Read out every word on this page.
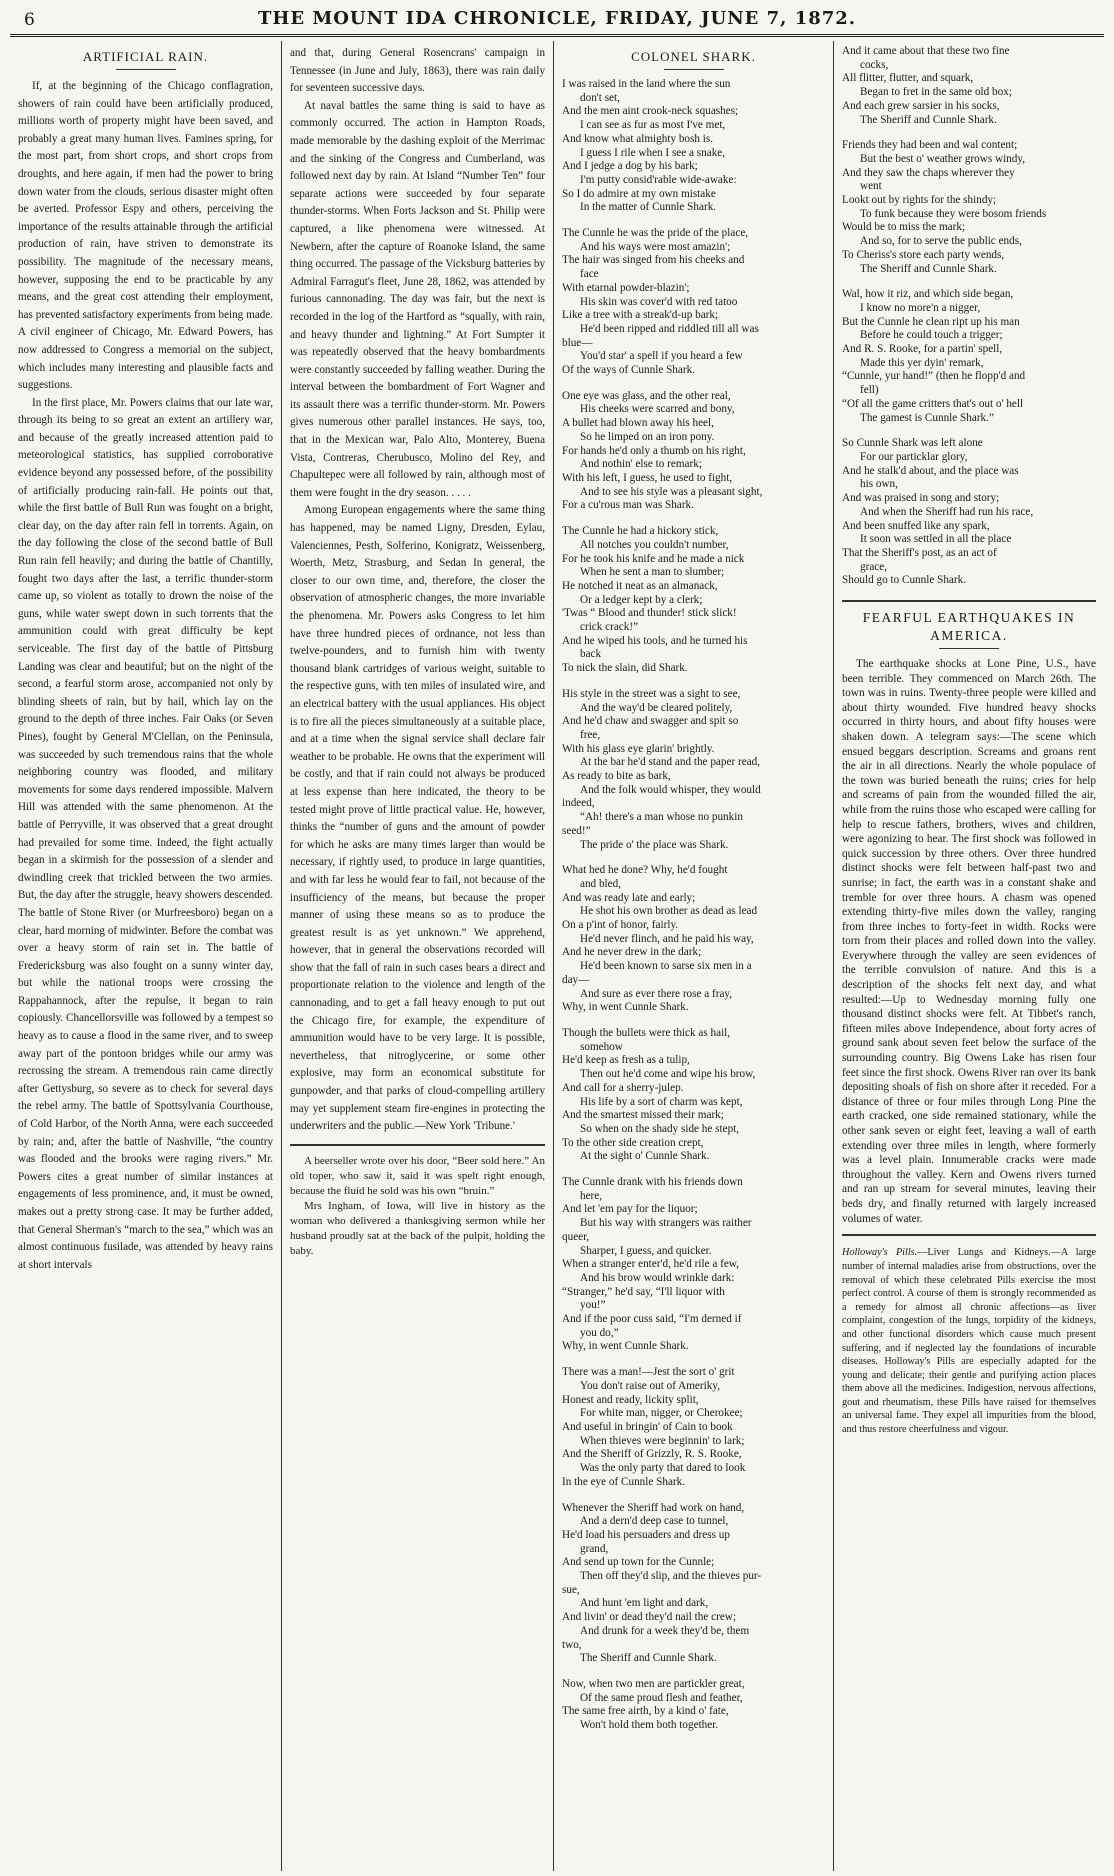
6	THE MOUNT IDA CHRONICLE, FRIDAY, JUNE 7, 1872.
ARTIFICIAL RAIN.

If, at the beginning of the Chicago conflagration, showers of rain could have been artificially produced, millions worth of property might have been saved, and probably a great many human lives. Famines spring, for the most part, from short crops, and short crops from droughts, and here again, if men had the power to bring down water from the clouds, serious disaster might often be averted. Professor Espy and others, perceiving the importance of the results attainable through the artificial production of rain, have striven to demonstrate its possibility. The magnitude of the necessary means, however, supposing the end to be practicable by any means, and the great cost attending their employment, has prevented satisfactory experiments from being made. A civil engineer of Chicago, Mr. Edward Powers, has now addressed to Congress a memorial on the subject, which includes many interesting and plausible facts and suggestions.

In the first place, Mr. Powers claims that our late war, through its being to so great an extent an artillery war, and because of the greatly increased attention paid to meteorological statistics, has supplied corroborative evidence beyond any possessed before, of the possibility of artificially producing rain-fall. He points out that, while the first battle of Bull Run was fought on a bright, clear day, on the day after rain fell in torrents. Again, on the day following the close of the second battle of Bull Run rain fell heavily; and during the battle of Chantilly, fought two days after the last, a terrific thunder-storm came up, so violent as totally to drown the noise of the guns, while water swept down in such torrents that the ammunition could with great difficulty be kept serviceable. The first day of the battle of Pittsburg Landing was clear and beautiful; but on the night of the second, a fearful storm arose, accompanied not only by blinding sheets of rain, but by hail, which lay on the ground to the depth of three inches. Fair Oaks (or Seven Pines), fought by General M'Clellan, on the Peninsula, was succeeded by such tremendous rains that the whole neighboring country was flooded, and military movements for some days rendered impossible. Malvern Hill was attended with the same phenomenon. At the battle of Perryville, it was observed that a great drought had prevailed for some time. Indeed, the fight actually began in a skirmish for the possession of a slender and dwindling creek that trickled between the two armies. But, the day after the struggle, heavy showers descended. The battle of Stone River (or Murfreesboro) began on a clear, hard morning of midwinter. Before the combat was over a heavy storm of rain set in. The battle of Fredericksburg was also fought on a sunny winter day, but while the national troops were crossing the Rappahannock, after the repulse, it began to rain copiously. Chancellorsville was followed by a tempest so heavy as to cause a flood in the same river, and to sweep away part of the pontoon bridges while our army was recrossing the stream. A tremendous rain came directly after Gettysburg, so severe as to check for several days the rebel army. The battle of Spottsylvania Courthouse, of Cold Harbor, of the North Anna, were each succeeded by rain; and, after the battle of Nashville, “the country was flooded and the brooks were raging rivers.” Mr. Powers cites a great number of similar instances at engagements of less prominence, and, it must be owned, makes out a pretty strong case. It may be further added, that General Sherman's “march to the sea,” which was an almost continuous fusilade, was attended by heavy rains at short intervals

and that, during General Rosencrans' campaign in Tennessee (in June and July, 1863), there was rain daily for seventeen successive days.

At naval battles the same thing is said to have as commonly occurred. The action in Hampton Roads, made memorable by the dashing exploit of the Merrimac and the sinking of the Congress and Cumberland, was followed next day by rain. At Island “Number Ten” four separate actions were succeeded by four separate thunder-storms. When Forts Jackson and St. Philip were captured, a like phenomena were witnessed. At Newbern, after the capture of Roanoke Island, the same thing occurred. The passage of the Vicksburg batteries by Admiral Farragut's fleet, June 28, 1862, was attended by furious cannonading. The day was fair, but the next is recorded in the log of the Hartford as “squally, with rain, and heavy thunder and lightning.” At Fort Sumpter it was repeatedly observed that the heavy bombardments were constantly succeeded by falling weather. During the interval between the bombardment of Fort Wagner and its assault there was a terrific thunder-storm. Mr. Powers gives numerous other parallel instances. He says, too, that in the Mexican war, Palo Alto, Monterey, Buena Vista, Contreras, Cherubusco, Molino del Rey, and Chapultepec were all followed by rain, although most of them were fought in the dry season. . . . .

Among European engagements where the same thing has happened, may be named Ligny, Dresden, Eylau, Valenciennes, Pesth, Solferino, Konigratz, Weissenberg, Woerth, Metz, Strasburg, and Sedan In general, the closer to our own time, and, therefore, the closer the observation of atmospheric changes, the more invariable the phenomena. Mr. Powers asks Congress to let him have three hundred pieces of ordnance, not less than twelve-pounders, and to furnish him with twenty thousand blank cartridges of various weight, suitable to the respective guns, with ten miles of insulated wire, and an electrical battery with the usual appliances. His object is to fire all the pieces simultaneously at a suitable place, and at a time when the signal service shall declare fair weather to be probable. He owns that the experiment will be costly, and that if rain could not always be produced at less expense than here indicated, the theory to be tested might prove of little practical value. He, however, thinks the “number of guns and the amount of powder for which he asks are many times larger than would be necessary, if rightly used, to produce in large quantities, and with far less he would fear to fail, not because of the insufficiency of the means, but because the proper manner of using these means so as to produce the greatest result is as yet unknown.” We apprehend, however, that in general the observations recorded will show that the fall of rain in such cases bears a direct and proportionate relation to the violence and length of the cannonading, and to get a fall heavy enough to put out the Chicago fire, for example, the expenditure of ammunition would have to be very large. It is possible, nevertheless, that nitroglycerine, or some other explosive, may form an economical substitute for gunpowder, and that parks of cloud-compelling artillery may yet supplement steam fire-engines in protecting the underwriters and the public.—New York 'Tribune.'

A beerseller wrote over his door, “Beer sold here.” An old toper, who saw it, said it was spelt right enough, because the fluid he sold was his own “bruin.”

Mrs Ingham, of Iowa, will live in history as the woman who delivered a thanksgiving sermon while her husband proudly sat at the back of the pulpit, holding the baby.

COLONEL SHARK.
I was raised in the land where the sun
don't set,
And the men aint crook-neck squashes;
I can see as fur as most I've met,
And know what almighty bosh is.
I guess I rile when I see a snake,
And I jedge a dog by his bark;
I'm putty consid'rable wide-awake:
So I do admire at my own mistake
In the matter of Cunnle Shark.
The Cunnle he was the pride of the place,
And his ways were most amazin';
The hair was singed from his cheeks and
face
With etarnal powder-blazin';
His skin was cover'd with red tatoo
Like a tree with a streak'd-up bark;
He'd been ripped and riddled till all was
blue—
You'd star' a spell if you heard a few
Of the ways of Cunnle Shark.
One eye was glass, and the other real,
His cheeks were scarred and bony,
A bullet had blown away his heel,
So he limped on an iron pony.
For hands he'd only a thumb on his right,
And nothin' else to remark;
With his left, I guess, he used to fight,
And to see his style was a pleasant sight,
For a cu'rous man was Shark.
The Cunnle he had a hickory stick,
All notches you couldn't number,
For he took his knife and he made a nick
When he sent a man to slumber;
He notched it neat as an almanack,
Or a ledger kept by a clerk;
'Twas “ Blood and thunder! stick slick!
crick crack!”
And he wiped his tools, and he turned his
back
To nick the slain, did Shark.
His style in the street was a sight to see,
And the way'd be cleared politely,
And he'd chaw and swagger and spit so
free,
With his glass eye glarin' brightly.
At the bar he'd stand and the paper read,
As ready to bite as bark,
And the folk would whisper, they would
indeed,
“Ah! there's a man whose no punkin
seed!”
The pride o' the place was Shark.
What hed he done? Why, he'd fought
and bled,
And was ready late and early;
He shot his own brother as dead as lead
On a p'int of honor, fairly.
He'd never flinch, and he paid his way,
And he never drew in the dark;
He'd been known to sarse six men in a
day—
And sure as ever there rose a fray,
Why, in went Cunnle Shark.
Though the bullets were thick as hail,
somehow
He'd keep as fresh as a tulip,
Then out he'd come and wipe his brow,
And call for a sherry-julep.
His life by a sort of charm was kept,
And the smartest missed their mark;
So when on the shady side he stept,
To the other side creation crept,
At the sight o' Cunnle Shark.
The Cunnle drank with his friends down
here,
And let 'em pay for the liquor;
But his way with strangers was raither
queer,
Sharper, I guess, and quicker.
When a stranger enter'd, he'd rile a few,
And his brow would wrinkle dark:
“Stranger,” he'd say, “I'll liquor with
you!”
And if the poor cuss said, “I'm derned if
you do,”
Why, in went Cunnle Shark.
There was a man!—Jest the sort o' grit
You don't raise out of Ameriky,
Honest and ready, lickity split,
For white man, nigger, or Cherokee;
And useful in bringin' of Cain to book
When thieves were beginnin' to lark;
And the Sheriff of Grizzly, R. S. Rooke,
Was the only party that dared to look
In the eye of Cunnle Shark.
Whenever the Sheriff had work on hand,
And a dern'd deep case to tunnel,
He'd load his persuaders and dress up
grand,
And send up town for the Cunnle;
Then off they'd slip, and the thieves pur-
sue,
And hunt 'em light and dark,
And livin' or dead they'd nail the crew;
And drunk for a week they'd be, them
two,
The Sheriff and Cunnle Shark.
Now, when two men are partickler great,
Of the same proud flesh and feather,
The same free airth, by a kind o' fate,
Won't hold them both together.
And it came about that these two fine
cocks,
All flitter, flutter, and squark,
Began to fret in the same old box;
And each grew sarsier in his socks,
The Sheriff and Cunnle Shark.
Friends they had been and wal content;
But the best o' weather grows windy,
And they saw the chaps wherever they
went
Lookt out by rights for the shindy;
To funk because they were bosom friends
Would be to miss the mark;
And so, for to serve the public ends,
To Cheriss's store each party wends,
The Sheriff and Cunnle Shark.
Wal, how it riz, and which side began,
I know no more'n a nigger,
But the Cunnle he clean ript up his man
Before he could touch a trigger;
And R. S. Rooke, for a partin' spell,
Made this yer dyin' remark,
“Cunnle, yur hand!” (then he flopp'd and
fell)
“Of all the game critters that's out o' hell
The gamest is Cunnle Shark.”
So Cunnle Shark was left alone
For our particklar glory,
And he stalk'd about, and the place was
his own,
And was praised in song and story;
And when the Sheriff had run his race,
And been snuffed like any spark,
It soon was settled in all the place
That the Sheriff's post, as an act of
grace,
Should go to Cunnle Shark.
FEARFUL EARTHQUAKES IN
AMERICA.

The earthquake shocks at Lone Pine, U.S., have been terrible. They commenced on March 26th. The town was in ruins. Twenty-three people were killed and about thirty wounded. Five hundred heavy shocks occurred in thirty hours, and about fifty houses were shaken down. A telegram says:—The scene which ensued beggars description. Screams and groans rent the air in all directions. Nearly the whole populace of the town was buried beneath the ruins; cries for help and screams of pain from the wounded filled the air, while from the ruins those who escaped were calling for help to rescue fathers, brothers, wives and children, were agonizing to hear. The first shock was followed in quick succession by three others. Over three hundred distinct shocks were felt between half-past two and sunrise; in fact, the earth was in a constant shake and tremble for over three hours. A chasm was opened extending thirty-five miles down the valley, ranging from three inches to forty-feet in width. Rocks were torn from their places and rolled down into the valley. Everywhere through the valley are seen evidences of the terrible convulsion of nature. And this is a description of the shocks felt next day, and what resulted:—Up to Wednesday morning fully one thousand distinct shocks were felt. At Tibbet's ranch, fifteen miles above Independence, about forty acres of ground sank about seven feet below the surface of the surrounding country. Big Owens Lake has risen four feet since the first shock. Owens River ran over its bank depositing shoals of fish on shore after it receded. For a distance of three or four miles through Long Pine the earth cracked, one side remained stationary, while the other sank seven or eight feet, leaving a wall of earth extending over three miles in length, where formerly was a level plain. Innumerable cracks were made throughout the valley. Kern and Owens rivers turned and ran up stream for several minutes, leaving their beds dry, and finally returned with largely increased volumes of water.

Holloway's Pills.—Liver Lungs and Kidneys.—A large number of internal maladies arise from obstructions, over the removal of which these celebrated Pills exercise the most perfect control. A course of them is strongly recommended as a remedy for almost all chronic affections—as liver complaint, congestion of the lungs, torpidity of the kidneys, and other functional disorders which cause much present suffering, and if neglected lay the foundations of incurable diseases. Holloway's Pills are especially adapted for the young and delicate; their gentle and purifying action places them above all the medicines. Indigestion, nervous affections, gout and rheumatism, these Pills have raised for themselves an universal fame. They expel all impurities from the blood, and thus restore cheerfulness and vigour.
